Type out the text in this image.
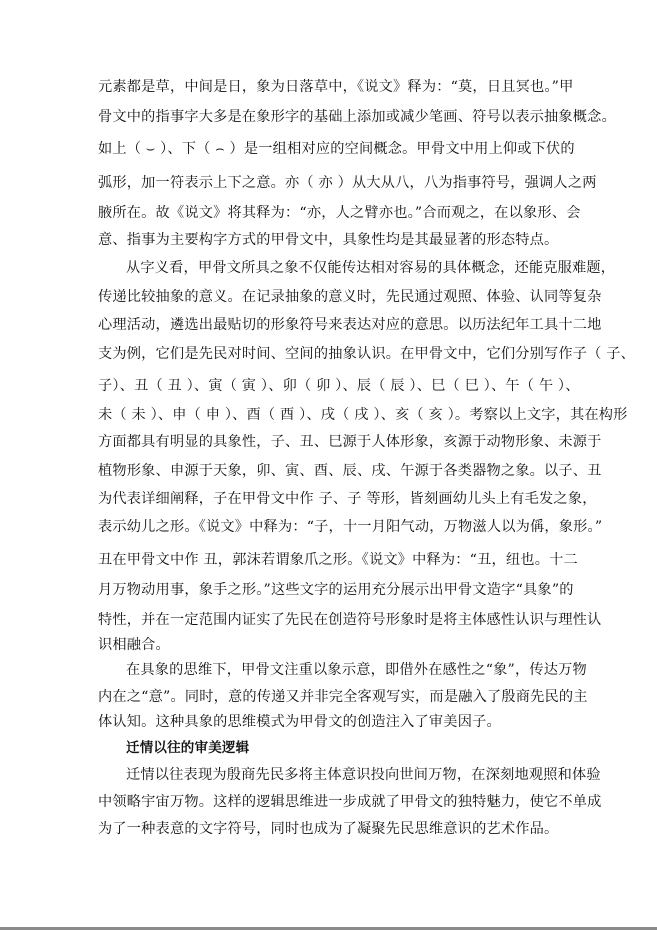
元素都是草，中间是日，象为日落草中，《说文》释为：“莫，日且冥也。”甲
骨文中的指事字大多是在象形字的基础上添加或减少笔画、符号以表示抽象概念。
如上（ ⌣ ）、下（ ⌢ ）是一组相对应的空间概念。甲骨文中用上仰或下伏的
弧形，加一符表示上下之意。亦（ 亦 ）从大从八，八为指事符号，强调人之两
腋所在。故《说文》将其释为：“亦，人之臂亦也。”合而观之，在以象形、会
意、指事为主要构字方式的甲骨文中，具象性均是其最显著的形态特点。
从字义看，甲骨文所具之象不仅能传达相对容易的具体概念，还能克服难题，
传递比较抽象的意义。在记录抽象的意义时，先民通过观照、体验、认同等复杂
心理活动，遴选出最贴切的形象符号来表达对应的意思。以历法纪年工具十二地
支为例，它们是先民对时间、空间的抽象认识。在甲骨文中，它们分别写作子（ 子、
子）、丑（ 丑 ）、寅（ 寅 ）、卯（ 卯 ）、辰（ 辰 ）、巳（ 巳 ）、午（ 午 ）、
未（ 未 ）、申（ 申 ）、酉（ 酉 ）、戌（ 戌 ）、亥（ 亥 ）。考察以上文字，其在构形
方面都具有明显的具象性，子、丑、巳源于人体形象，亥源于动物形象、未源于
植物形象、申源于天象，卯、寅、酉、辰、戌、午源于各类器物之象。以子、丑
为代表详细阐释，子在甲骨文中作 子、子 等形，皆刻画幼儿头上有毛发之象，
表示幼儿之形。《说文》中释为：“子，十一月阳气动，万物滋人以为偁，象形。”
丑在甲骨文中作 丑，郭沫若谓象爪之形。《说文》中释为：“丑，纽也。十二
月万物动用事，象手之形。”这些文字的运用充分展示出甲骨文造字“具象”的
特性，并在一定范围内证实了先民在创造符号形象时是将主体感性认识与理性认
识相融合。
在具象的思维下，甲骨文注重以象示意，即借外在感性之“象”，传达万物
内在之“意”。同时，意的传递又并非完全客观写实，而是融入了殷商先民的主
体认知。这种具象的思维模式为甲骨文的创造注入了审美因子。
迁情以往的审美逻辑
迁情以往表现为殷商先民多将主体意识投向世间万物，在深刻地观照和体验
中领略宇宙万物。这样的逻辑思维进一步成就了甲骨文的独特魅力，使它不单成
为了一种表意的文字符号，同时也成为了凝聚先民思维意识的艺术作品。
